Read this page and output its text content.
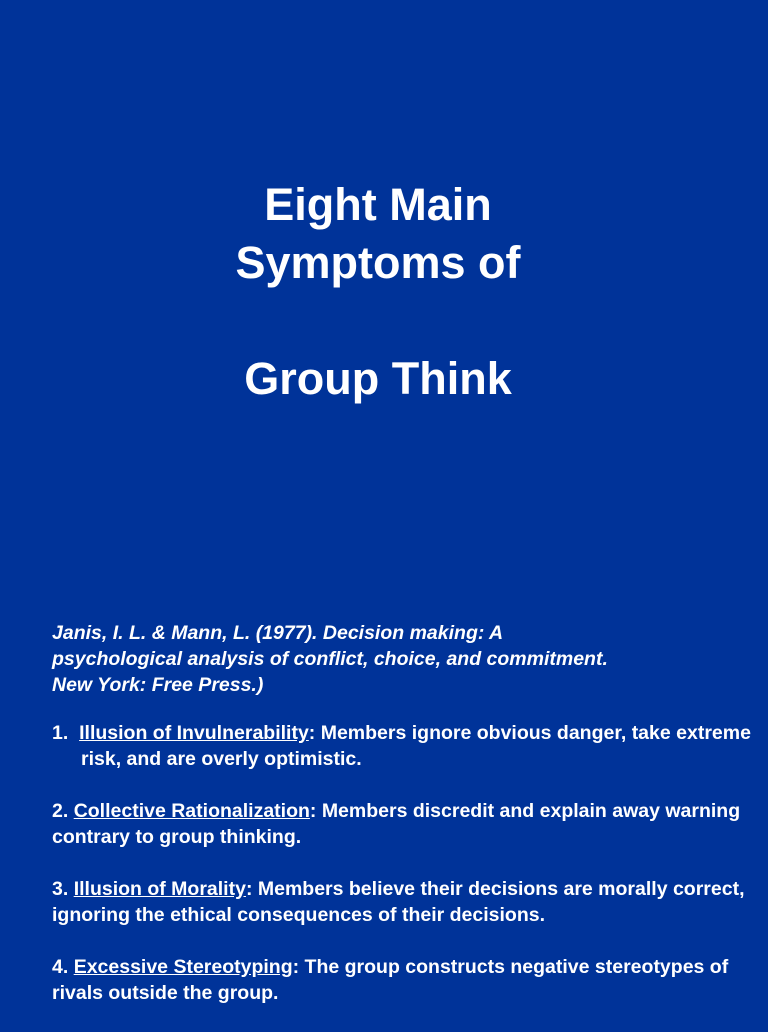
Eight Main
Symptoms of
Group Think
Janis, I. L. & Mann, L. (1977). Decision making: A
psychological analysis of conflict, choice, and commitment.
New York: Free Press.)
1. Illusion of Invulnerability: Members ignore obvious danger, take extreme risk, and are overly optimistic.
2. Collective Rationalization: Members discredit and explain away warning contrary to group thinking.
3. Illusion of Morality: Members believe their decisions are morally correct, ignoring the ethical consequences of their decisions.
4. Excessive Stereotyping: The group constructs negative stereotypes of rivals outside the group.
